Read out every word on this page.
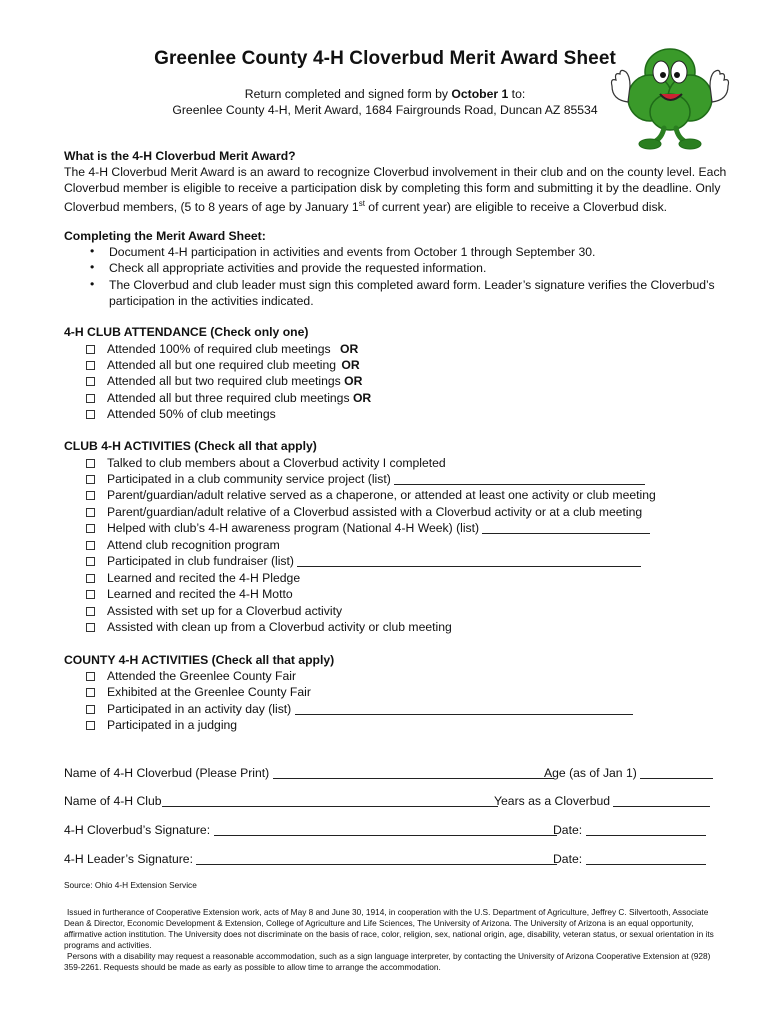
Greenlee County 4-H Cloverbud Merit Award Sheet
Return completed and signed form by October 1 to:
Greenlee County 4-H, Merit Award, 1684 Fairgrounds Road, Duncan AZ 85534
What is the 4-H Cloverbud Merit Award?
The 4-H Cloverbud Merit Award is an award to recognize Cloverbud involvement in their club and on the county level. Each
Cloverbud member is eligible to receive a participation disk by completing this form and submitting it by the deadline. Only
Cloverbud members, (5 to 8 years of age by January 1st of current year) are eligible to receive a Cloverbud disk.
Completing the Merit Award Sheet:
• Document 4-H participation in activities and events from October 1 through September 30.
• Check all appropriate activities and provide the requested information.
• The Cloverbud and club leader must sign this completed award form. Leader’s signature verifies the Cloverbud’s
participation in the activities indicated.
4-H CLUB ATTENDANCE (Check only one)
Attended 100% of required club meetings OR
Attended all but one required club meeting OR
Attended all but two required club meetings OR
Attended all but three required club meetings OR
Attended 50% of club meetings
CLUB 4-H ACTIVITIES (Check all that apply)
Talked to club members about a Cloverbud activity I completed
Participated in a club community service project (list)
Parent/guardian/adult relative served as a chaperone, or attended at least one activity or club meeting
Parent/guardian/adult relative of a Cloverbud assisted with a Cloverbud activity or at a club meeting
Helped with club’s 4-H awareness program (National 4-H Week) (list)
Attend club recognition program
Participated in club fundraiser (list)
Learned and recited the 4-H Pledge
Learned and recited the 4-H Motto
Assisted with set up for a Cloverbud activity
Assisted with clean up from a Cloverbud activity or club meeting
COUNTY 4-H ACTIVITIES (Check all that apply)
Attended the Greenlee County Fair
Exhibited at the Greenlee County Fair
Participated in an activity day (list)
Participated in a judging
Name of 4-H Cloverbud (Please Print)	Age (as of Jan 1)
Name of 4-H Club	Years as a Cloverbud
4-H Cloverbud’s Signature:	Date:
4-H Leader’s Signature:	Date:
Source: Ohio 4-H Extension Service
Issued in furtherance of Cooperative Extension work, acts of May 8 and June 30, 1914, in cooperation with the U.S. Department of Agriculture, Jeffrey C. Silvertooth, Associate
Dean & Director, Economic Development & Extension, College of Agriculture and Life Sciences, The University of Arizona. The University of Arizona is an equal opportunity,
affirmative action institution. The University does not discriminate on the basis of race, color, religion, sex, national origin, age, disability, veteran status, or sexual orientation in its
programs and activities.
Persons with a disability may request a reasonable accommodation, such as a sign language interpreter, by contacting the University of Arizona Cooperative Extension at (928)
359-2261. Requests should be made as early as possible to allow time to arrange the accommodation.
